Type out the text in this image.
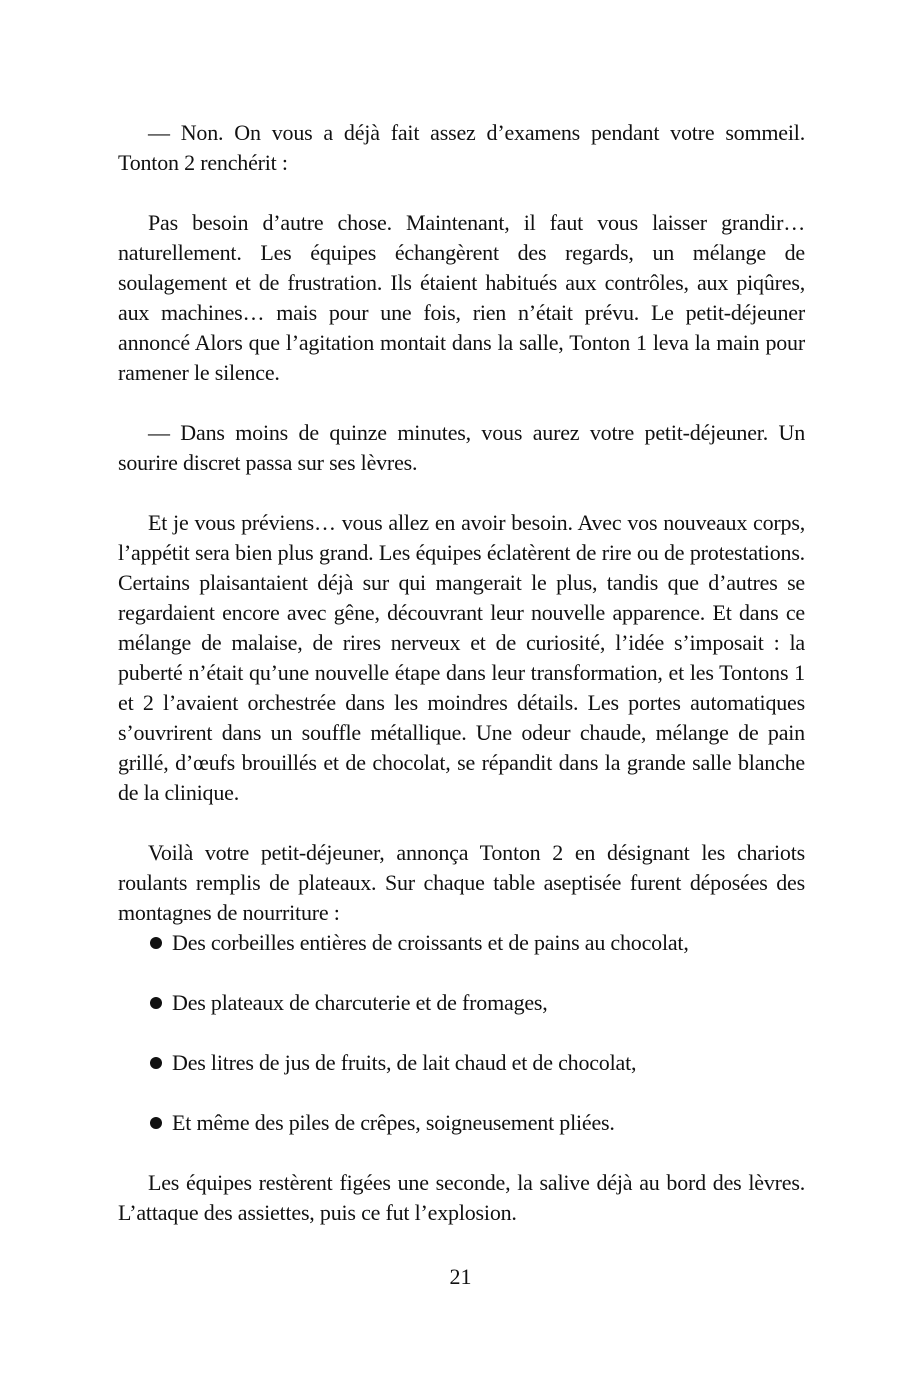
— Non. On vous a déjà fait assez d’examens pendant votre sommeil. Tonton 2 renchérit :

Pas besoin d’autre chose. Maintenant, il faut vous laisser grandir… naturellement. Les équipes échangèrent des regards, un mélange de soulagement et de frustration. Ils étaient habitués aux contrôles, aux piqûres, aux machines… mais pour une fois, rien n’était prévu. Le petit-déjeuner annoncé Alors que l’agitation montait dans la salle, Tonton 1 leva la main pour ramener le silence.

— Dans moins de quinze minutes, vous aurez votre petit-déjeuner. Un sourire discret passa sur ses lèvres.

Et je vous préviens… vous allez en avoir besoin. Avec vos nouveaux corps, l’appétit sera bien plus grand. Les équipes éclatèrent de rire ou de protestations. Certains plaisantaient déjà sur qui mangerait le plus, tandis que d’autres se regardaient encore avec gêne, découvrant leur nouvelle apparence. Et dans ce mélange de malaise, de rires nerveux et de curiosité, l’idée s’imposait : la puberté n’était qu’une nouvelle étape dans leur transformation, et les Tontons 1 et 2 l’avaient orchestrée dans les moindres détails. Les portes automatiques s’ouvrirent dans un souffle métallique. Une odeur chaude, mélange de pain grillé, d’œufs brouillés et de chocolat, se répandit dans la grande salle blanche de la clinique.

Voilà votre petit-déjeuner, annonça Tonton 2 en désignant les chariots roulants remplis de plateaux. Sur chaque table aseptisée furent déposées des montagnes de nourriture :

Des corbeilles entières de croissants et de pains au chocolat,
Des plateaux de charcuterie et de fromages,
Des litres de jus de fruits, de lait chaud et de chocolat,
Et même des piles de crêpes, soigneusement pliées.

Les équipes restèrent figées une seconde, la salive déjà au bord des lèvres. L’attaque des assiettes, puis ce fut l’explosion.

21
